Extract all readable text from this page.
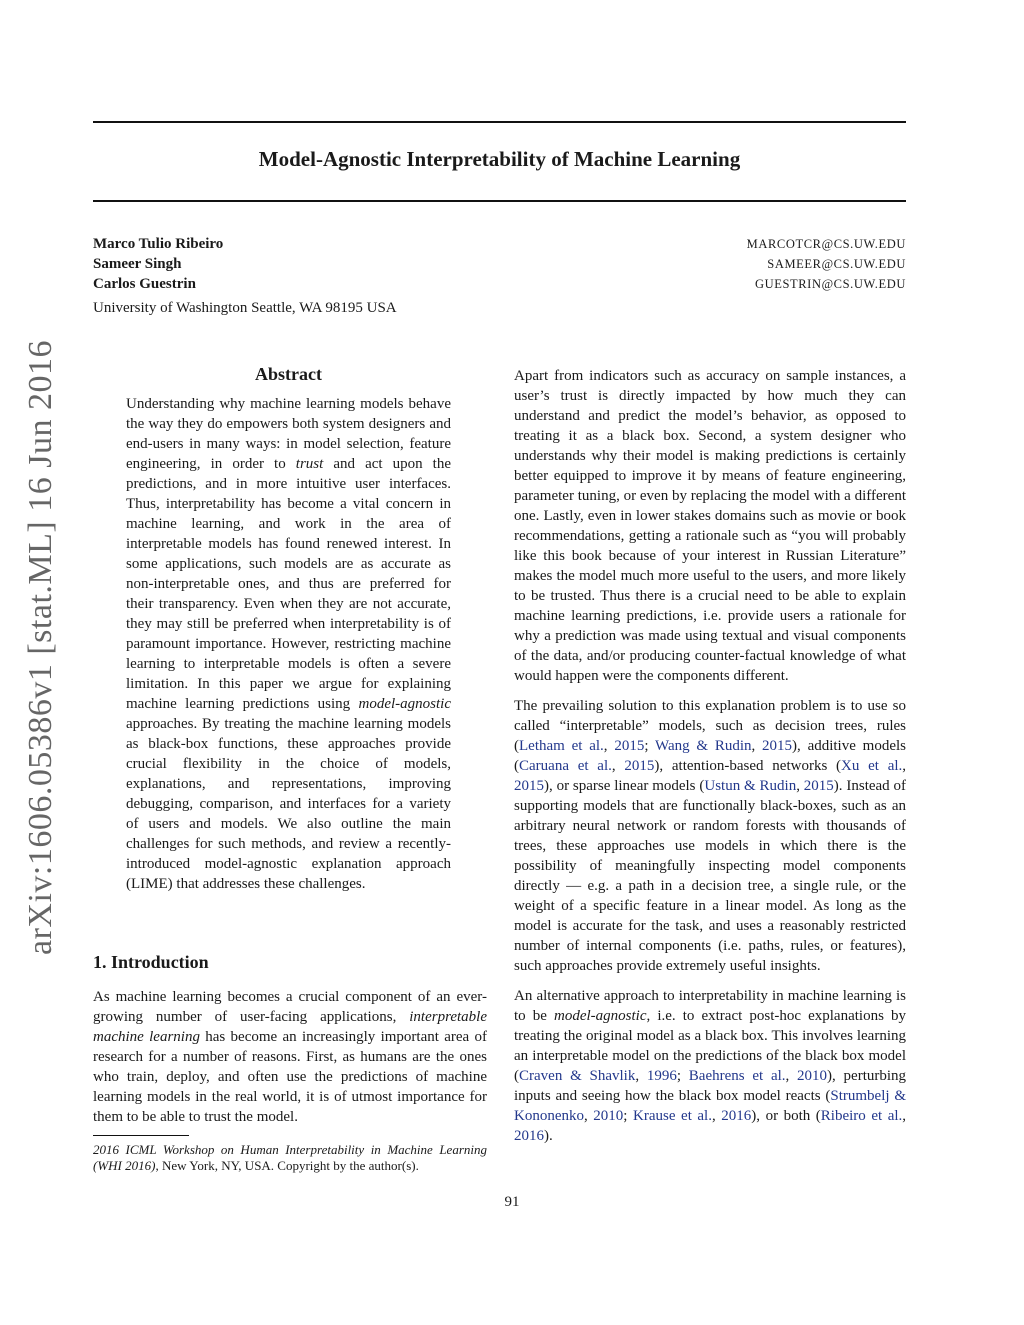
Model-Agnostic Interpretability of Machine Learning
Marco Tulio Ribeiro	MARCOTCR@CS.UW.EDU
Sameer Singh	SAMEER@CS.UW.EDU
Carlos Guestrin	GUESTRIN@CS.UW.EDU
University of Washington Seattle, WA 98195 USA
arXiv:1606.05386v1 [stat.ML] 16 Jun 2016	Abstract

Understanding why machine learning models behave the way they do empowers both system designers and end-users in many ways: in model selection, feature engineering, in order to trust and act upon the predictions, and in more intuitive user interfaces. Thus, interpretability has become a vital concern in machine learning, and work in the area of interpretable models has found renewed interest. In some applications, such models are as accurate as non-interpretable ones, and thus are preferred for their transparency. Even when they are not accurate, they may still be preferred when interpretability is of paramount importance. However, restricting machine learning to interpretable models is often a severe limitation. In this paper we argue for explaining machine learning predictions using model-agnostic approaches. By treating the machine learning models as black-box functions, these approaches provide crucial flexibility in the choice of models, explanations, and representations, improving debugging, comparison, and interfaces for a variety of users and models. We also outline the main challenges for such methods, and review a recently-introduced model-agnostic explanation approach (LIME) that addresses these challenges.

1. Introduction

As machine learning becomes a crucial component of an ever-growing number of user-facing applications, interpretable machine learning has become an increasingly important area of research for a number of reasons. First, as humans are the ones who train, deploy, and often use the predictions of machine learning models in the real world, it is of utmost importance for them to be able to trust the model.

2016 ICML Workshop on Human Interpretability in Machine Learning (WHI 2016), New York, NY, USA. Copyright by the author(s).

Apart from indicators such as accuracy on sample instances, a user’s trust is directly impacted by how much they can understand and predict the model’s behavior, as opposed to treating it as a black box. Second, a system designer who understands why their model is making predictions is certainly better equipped to improve it by means of feature engineering, parameter tuning, or even by replacing the model with a different one. Lastly, even in lower stakes domains such as movie or book recommendations, getting a rationale such as “you will probably like this book because of your interest in Russian Literature” makes the model much more useful to the users, and more likely to be trusted. Thus there is a crucial need to be able to explain machine learning predictions, i.e. provide users a rationale for why a prediction was made using textual and visual components of the data, and/or producing counter-factual knowledge of what would happen were the components different.

The prevailing solution to this explanation problem is to use so called “interpretable” models, such as decision trees, rules (Letham et al., 2015; Wang & Rudin, 2015), additive models (Caruana et al., 2015), attention-based networks (Xu et al., 2015), or sparse linear models (Ustun & Rudin, 2015). Instead of supporting models that are functionally black-boxes, such as an arbitrary neural network or random forests with thousands of trees, these approaches use models in which there is the possibility of meaningfully inspecting model components directly — e.g. a path in a decision tree, a single rule, or the weight of a specific feature in a linear model. As long as the model is accurate for the task, and uses a reasonably restricted number of internal components (i.e. paths, rules, or features), such approaches provide extremely useful insights.

An alternative approach to interpretability in machine learning is to be model-agnostic, i.e. to extract post-hoc explanations by treating the original model as a black box. This involves learning an interpretable model on the predictions of the black box model (Craven & Shavlik, 1996; Baehrens et al., 2010), perturbing inputs and seeing how the black box model reacts (Strumbelj & Kononenko, 2010; Krause et al., 2016), or both (Ribeiro et al., 2016).

91
